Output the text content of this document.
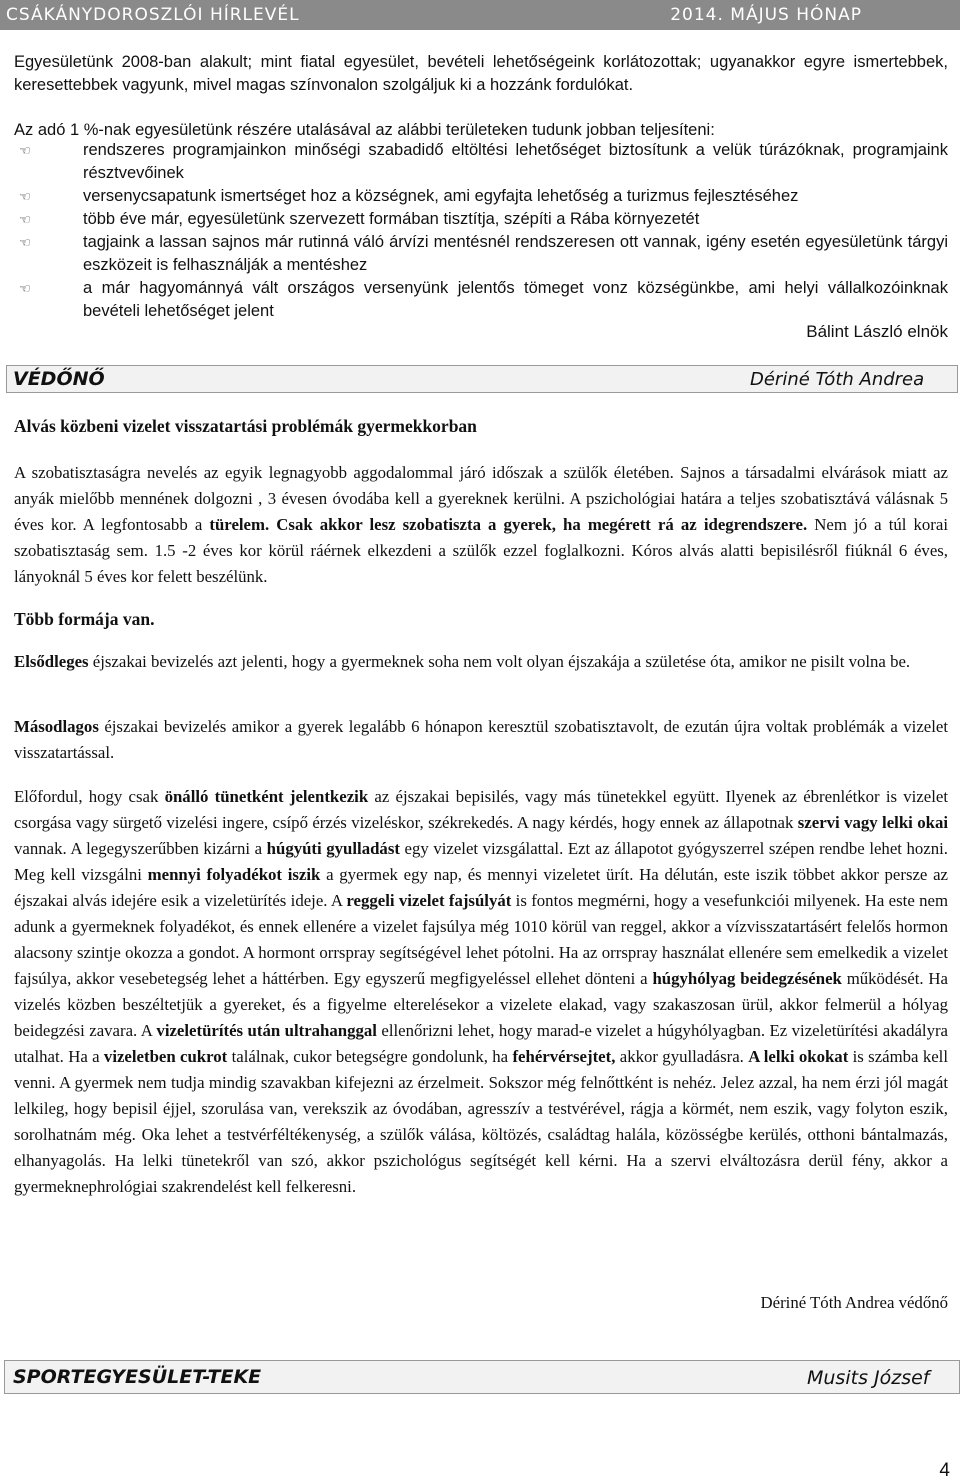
CSÁKÁNYDOROSZLÓI HÍRLEVÉL	2014. MÁJUS HÓNAP

Egyesületünk 2008-ban alakult; mint fiatal egyesület, bevételi lehetőségeink korlátozottak; ugyanakkor egyre ismertebbek, keresettebbek vagyunk, mivel magas színvonalon szolgáljuk ki a hozzánk fordulókat.

Az adó 1 %-nak egyesületünk részére utalásával az alábbi területeken tudunk jobban teljesíteni:

☜	rendszeres programjainkon minőségi szabadidő eltöltési lehetőséget biztosítunk a velük túrázóknak, programjaink résztvevőinek
☜	versenycsapatunk ismertséget hoz a községnek, ami egyfajta lehetőség a turizmus fejlesztéséhez
☜	több éve már, egyesületünk szervezett formában tisztítja, szépíti a Rába környezetét
☜	tagjaink a lassan sajnos már rutinná váló árvízi mentésnél rendszeresen ott vannak, igény esetén egyesületünk tárgyi eszközeit is felhasználják a mentéshez
☜	a már hagyománnyá vált országos versenyünk jelentős tömeget vonz községünkbe, ami helyi vállalkozóinknak bevételi lehetőséget jelent
Bálint László elnök
VÉDŐNŐ	Dériné Tóth Andrea
Alvás közbeni vizelet visszatartási problémák gyermekkorban

A szobatisztaságra nevelés az egyik legnagyobb aggodalommal járó időszak a szülők életében. Sajnos a társadalmi elvárások miatt az anyák mielőbb mennének dolgozni , 3 évesen óvodába kell a gyereknek kerülni. A pszichológiai határa a teljes szobatisztává válásnak 5 éves kor. A legfontosabb a türelem. Csak akkor lesz szobatiszta a gyerek, ha megérett rá az idegrendszere. Nem jó a túl korai szobatisztaság sem. 1.5 -2 éves kor körül ráérnek elkezdeni a szülők ezzel foglalkozni. Kóros alvás alatti bepisilésről fiúknál 6 éves, lányoknál 5 éves kor felett beszélünk.

Több formája van.

Elsődleges éjszakai bevizelés azt jelenti, hogy a gyermeknek soha nem volt olyan éjszakája a születése óta, amikor ne pisilt volna be.

Másodlagos éjszakai bevizelés amikor a gyerek legalább 6 hónapon keresztül szobatisztavolt, de ezután újra voltak problémák a vizelet visszatartással.

Előfordul, hogy csak önálló tünetként jelentkezik az éjszakai bepisilés, vagy más tünetekkel együtt. Ilyenek az ébrenlétkor is vizelet csorgása vagy sürgető vizelési ingere, csípő érzés vizeléskor, székrekedés. A nagy kérdés, hogy ennek az állapotnak szervi vagy lelki okai vannak. A legegyszerűbben kizárni a húgyúti gyulladást egy vizelet vizsgálattal. Ezt az állapotot gyógyszerrel szépen rendbe lehet hozni. Meg kell vizsgálni mennyi folyadékot iszik a gyermek egy nap, és mennyi vizeletet ürít. Ha délután, este iszik többet akkor persze az éjszakai alvás idejére esik a vizeletürítés ideje. A reggeli vizelet fajsúlyát is fontos megmérni, hogy a vesefunkciói milyenek. Ha este nem adunk a gyermeknek folyadékot, és ennek ellenére a vizelet fajsúlya még 1010 körül van reggel, akkor a vízvisszatartásért felelős hormon alacsony szintje okozza a gondot. A hormont orrspray segítségével lehet pótolni. Ha az orrspray használat ellenére sem emelkedik a vizelet fajsúlya, akkor vesebetegség lehet a háttérben. Egy egyszerű megfigyeléssel ellehet dönteni a húgyhólyag beidegzésének működését. Ha vizelés közben beszéltetjük a gyereket, és a figyelme elterelésekor a vizelete elakad, vagy szakaszosan ürül, akkor felmerül a hólyag beidegzési zavara. A vizeletürítés után ultrahanggal ellenőrizni lehet, hogy marad-e vizelet a húgyhólyagban. Ez vizeletürítési akadályra utalhat. Ha a vizeletben cukrot találnak, cukor betegségre gondolunk, ha fehérvérsejtet, akkor gyulladásra. A lelki okokat is számba kell venni. A gyermek nem tudja mindig szavakban kifejezni az érzelmeit. Sokszor még felnőttként is nehéz. Jelez azzal, ha nem érzi jól magát lelkileg, hogy bepisil éjjel, szorulása van, verekszik az óvodában, agresszív a testvérével, rágja a körmét, nem eszik, vagy folyton eszik, sorolhatnám még. Oka lehet a testvérféltékenység, a szülők válása, költözés, családtag halála, közösségbe kerülés, otthoni bántalmazás, elhanyagolás. Ha lelki tünetekről van szó, akkor pszichológus segítségét kell kérni. Ha a szervi elváltozásra derül fény, akkor a gyermeknephrológiai szakrendelést kell felkeresni.

Dériné Tóth Andrea védőnő
SPORTEGYESÜLET-TEKE	Musits József
4
